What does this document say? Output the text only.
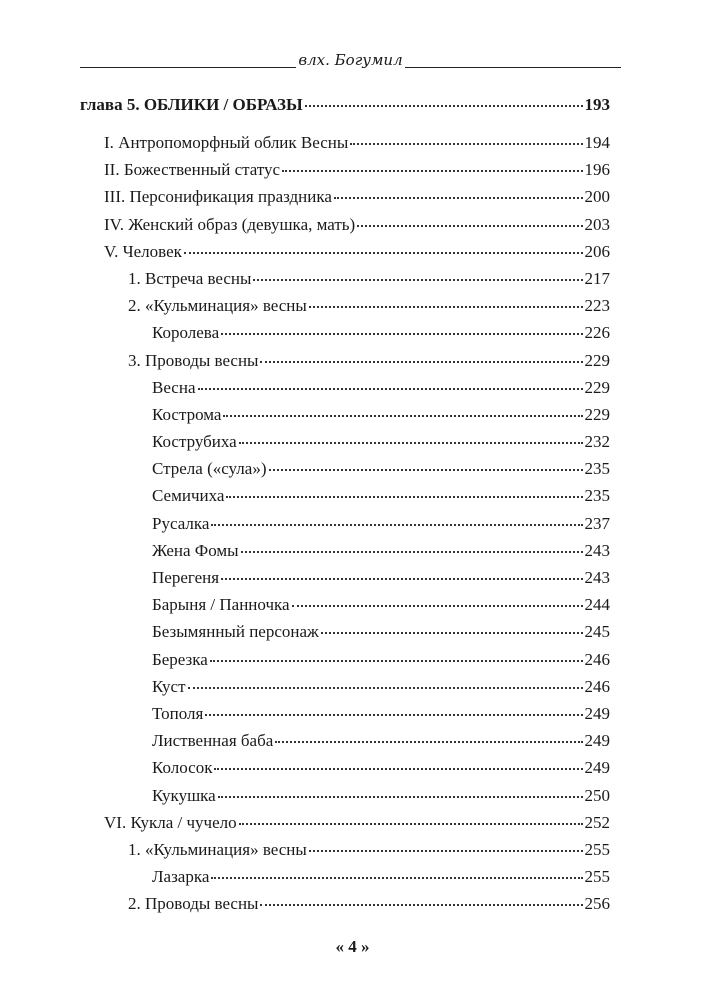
влх. Богумил
глава 5. ОБЛИКИ / ОБРАЗЫ	193
I. Антропоморфный облик Весны	194
II. Божественный статус	196
III. Персонификация праздника	200
IV. Женский образ (девушка, мать)	203
V. Человек	206
1. Встреча весны	217
2. «Кульминация» весны	223
Королева	226
3. Проводы весны	229
Весна	229
Кострома	229
Кострубиха	232
Стрела («сула»)	235
Семичиха	235
Русалка	237
Жена Фомы	243
Перегеня	243
Барыня / Панночка	244
Безымянный персонаж	245
Березка	246
Куст	246
Тополя	249
Лиственная баба	249
Колосок	249
Кукушка	250
VI. Кукла / чучело	252
1. «Кульминация» весны	255
Лазарка	255
2. Проводы весны	256
« 4 »
